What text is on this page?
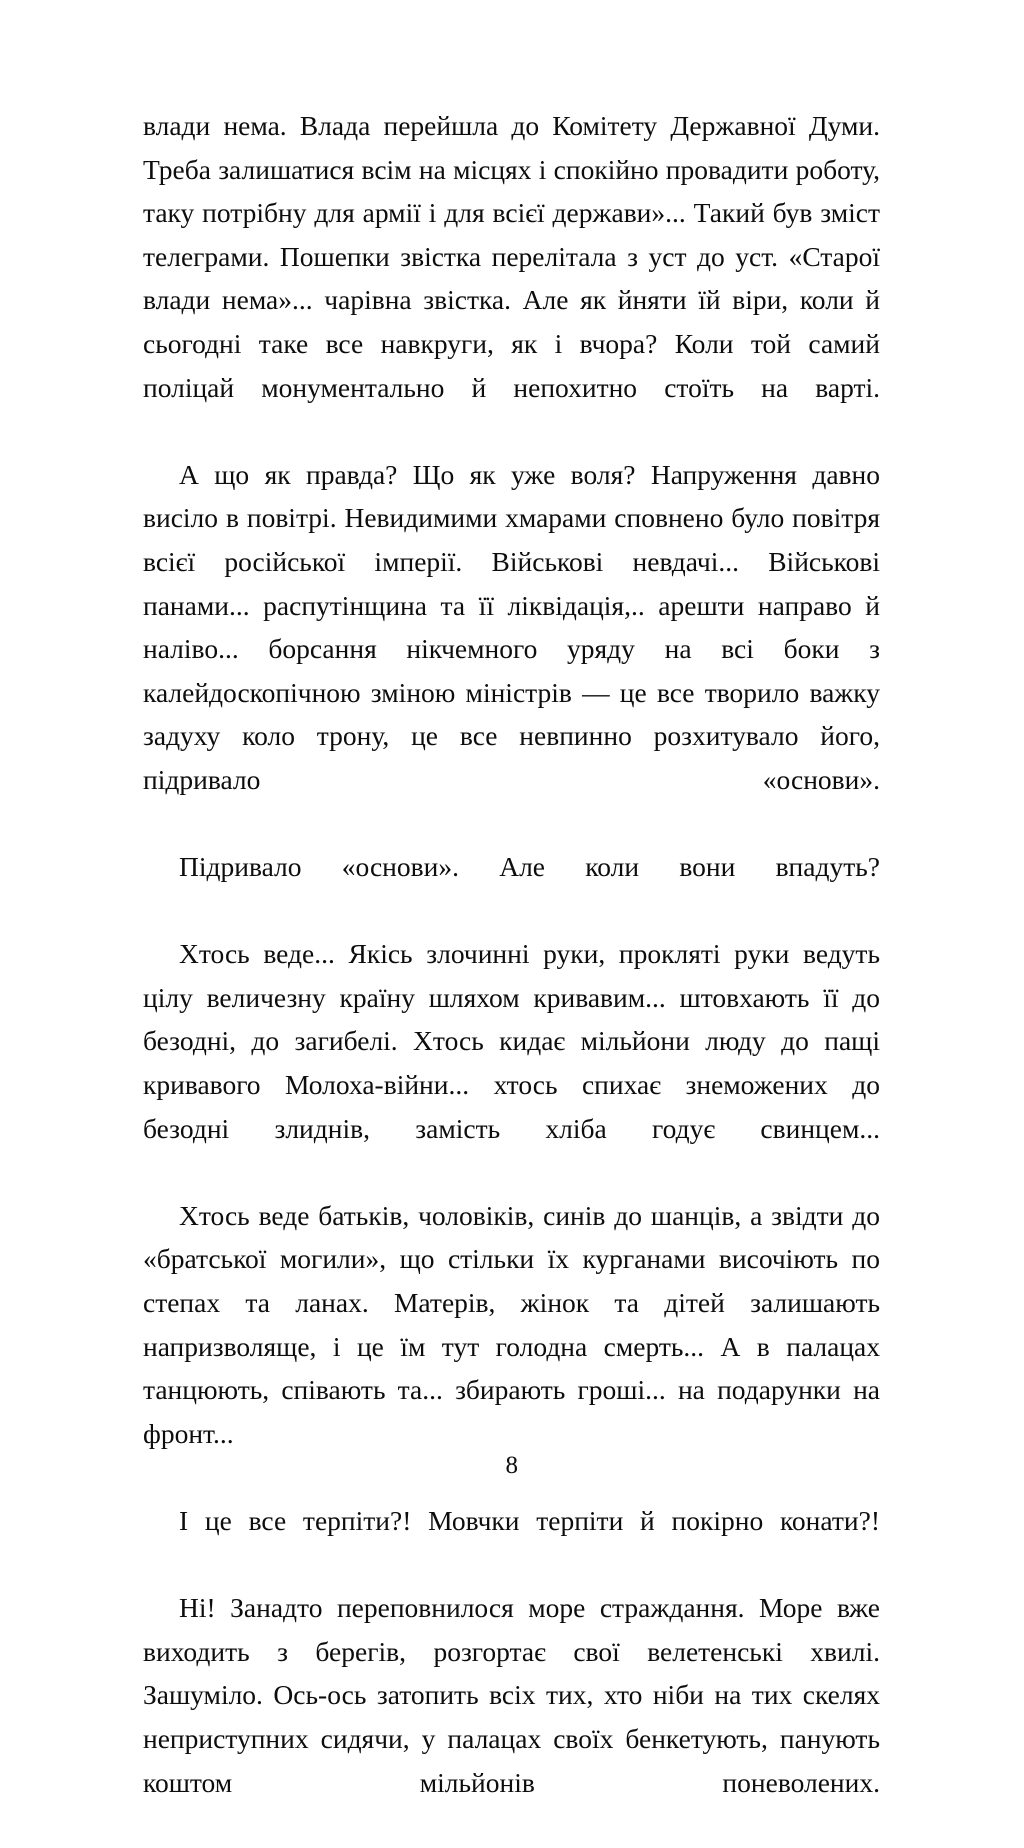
влади нема. Влада перейшла до Комітету Державної Думи. Треба залишатися всім на місцях і спокійно провадити роботу, таку потрібну для армії і для всієї держави»... Такий був зміст телеграми. Пошепки звістка перелітала з уст до уст. «Старої влади нема»... чарівна звістка. Але як йняти їй віри, коли й сьогодні таке все навкруги, як і вчора? Коли той самий поліцай монументально й непохитно стоїть на варті.

А що як правда? Що як уже воля? Напруження давно висіло в повітрі. Невидимими хмарами сповнено було повітря всієї російської імперії. Військові невдачі... Військові панами... распутінщина та її ліквідація,.. арешти направо й наліво... борсання нікчемного уряду на всі боки з калейдоскопічною зміною міністрів — це все творило важку задуху коло трону, це все невпинно розхитувало його, підривало «основи».

Підривало «основи». Але коли вони впадуть?

Хтось веде... Якісь злочинні руки, прокляті руки ведуть цілу величезну країну шляхом кривавим... штовхають її до безодні, до загибелі. Хтось кидає мільйони люду до пащі кривавого Молоха-війни... хтось спихає знеможених до безодні злиднів, замість хліба годує свинцем...

Хтось веде батьків, чоловіків, синів до шанців, а звідти до «братської могили», що стільки їх курганами височіють по степах та ланах. Матерів, жінок та дітей залишають напризволяще, і це їм тут голодна смерть... А в палацах танцюють, співають та... збирають гроші... на подарунки на фронт...

І це все терпіти?! Мовчки терпіти й покірно конати?!

Ні! Занадто переповнилося море страждання. Море вже виходить з берегів, розгортає свої велетенські хвилі. Зашуміло. Ось-ось затопить всіх тих, хто ніби на тих скелях неприступних сидячи, у палацах своїх бенкетують, панують коштом мільйонів поневолених.

8
